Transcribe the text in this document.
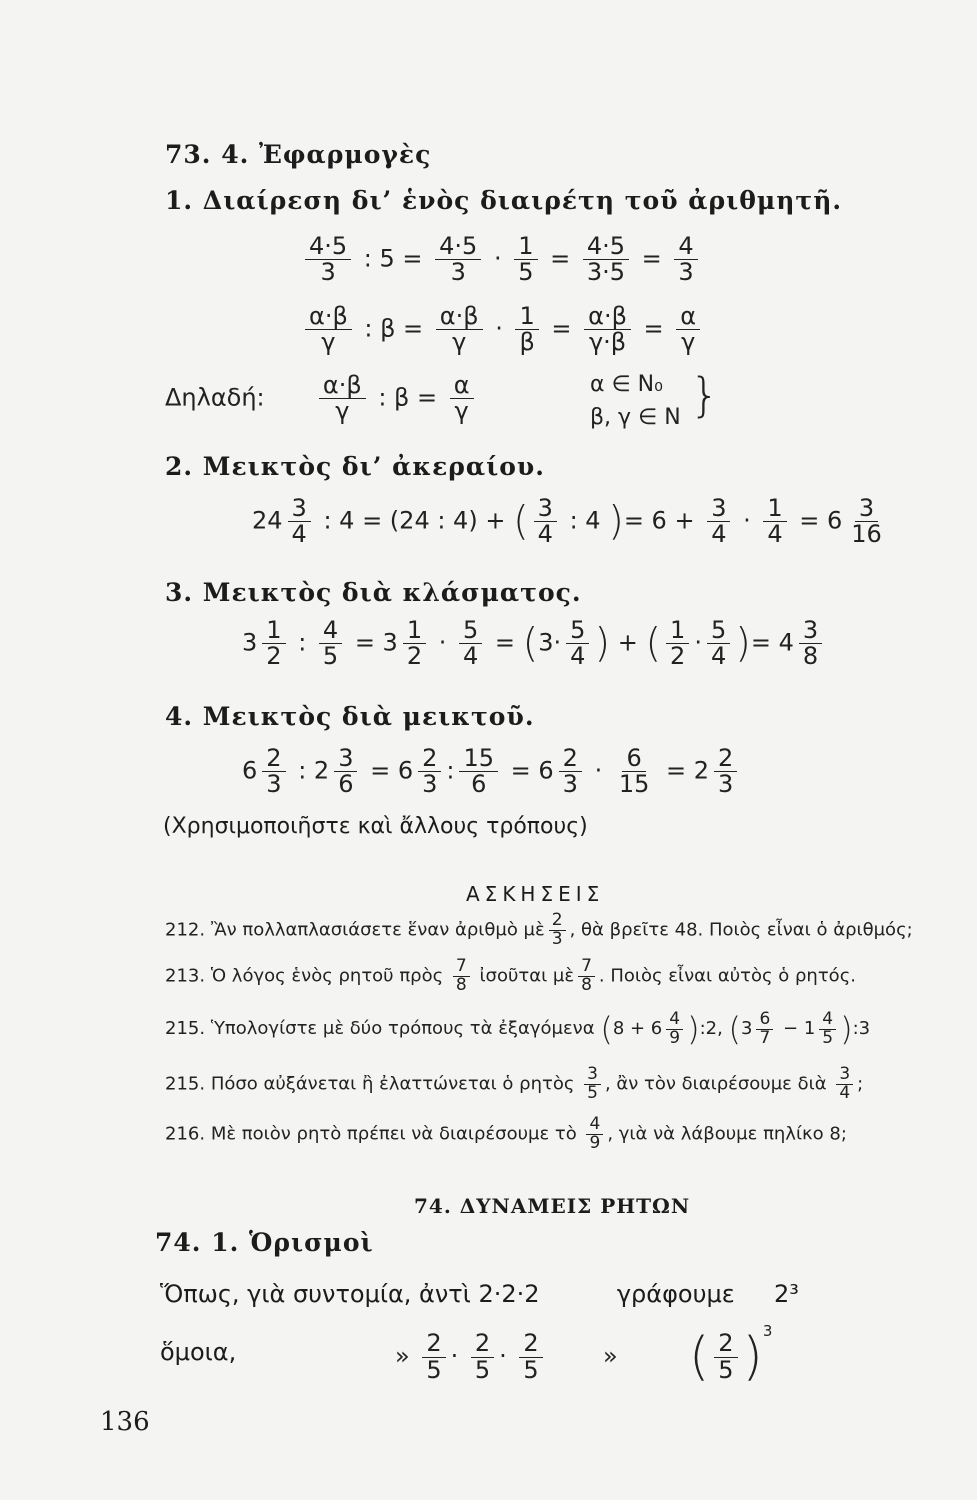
73. 4. Ἐφαρμογὲς
1. Διαίρεση δι’ ἑνὸς διαιρέτη τοῦ ἀριθμητῆ.
$\frac{4\cdot 5}{3}$ : $5 = \frac{4\cdot 5}{3} \cdot \frac{1}{5} = \frac{4\cdot 5}{3\cdot 5} = \frac{4}{3}$
$\frac{\alpha\cdot\beta}{\gamma}$ : $\beta = \frac{\alpha\cdot\beta}{\gamma} \cdot \frac{1}{\beta} = \frac{\alpha\cdot\beta}{\gamma\cdot\beta} = \frac{\alpha}{\gamma}$
Δηλαδή: $\frac{\alpha\cdot\beta}{\gamma}$ : $\beta = \frac{\alpha}{\gamma}$	α ∈ N₀
β, γ ∈ N }
2. Μεικτὸς δι’ ἀκεραίου.
$24 \frac{3}{4}$ : 4 = (24 : 4) + ( $\frac{3}{4}$ : 4 )= $6 + \frac{3}{4} \cdot \frac{1}{4} = 6 \frac{3}{16}$
3. Μεικτὸς διὰ κλάσματος.
$3 \frac{1}{2}$ : $\frac{4}{5} = 3 \frac{1}{2} \cdot \frac{5}{4} = (3\cdot \frac{5}{4}$ ) + ( $\frac{1}{2} \cdot \frac{5}{4}$ )= $4 \frac{3}{8}$
4. Μεικτὸς διὰ μεικτοῦ.
$6 \frac{2}{3}$ : $2 \frac{3}{6} = 6 \frac{2}{3}$ : $\frac{15}{6} = 6 \frac{2}{3} \cdot \frac{6}{15} = 2 \frac{2}{3}$
(Χρησιμοποιῆστε καὶ ἄλλους τρόπους)
ΑΣΚΗΣΕΙΣ
212. Ἂν πολλαπλασιάσετε ἕναν ἀριθμὸ μὲ $\frac{2}{3}$ , θὰ βρεῖτε 48. Ποιὸς εἶναι ὁ ἀριθμός;
213. Ὁ λόγος ἑνὸς ρητοῦ πρὸς $\frac{7}{8}$ ἰσοῦται μὲ $\frac{7}{8}$ . Ποιὸς εἶναι αὐτὸς ὁ ρητός.
215. Ὑπολογίστε μὲ δύο τρόπους τὰ ἐξαγόμενα ($8 + 6 \frac{4}{9}$ ):2, ($3 \frac{6}{7} - 1 \frac{4}{5}$ ):3
215. Πόσο αὐξάνεται ἢ ἐλαττώνεται ὁ ρητὸς $\frac{3}{5}$ , ἂν τὸν διαιρέσουμε διὰ $\frac{3}{4}$ ;
216. Μὲ ποιὸν ρητὸ πρέπει νὰ διαιρέσουμε τὸ $\frac{4}{9}$ , γιὰ νὰ λάβουμε πηλίκο 8;
74. ΔΥΝΑΜΕΙΣ ΡΗΤΩΝ
74. 1. Ὁρισμοὶ
Ὅπως, γιὰ συντομία, ἀντὶ 2·2·2	γράφουμε 2³
ὅμοια,	» $\frac{2}{5} \cdot \frac{2}{5} \cdot \frac{2}{5}$	» ( $\frac{2}{5} )^3$
136
